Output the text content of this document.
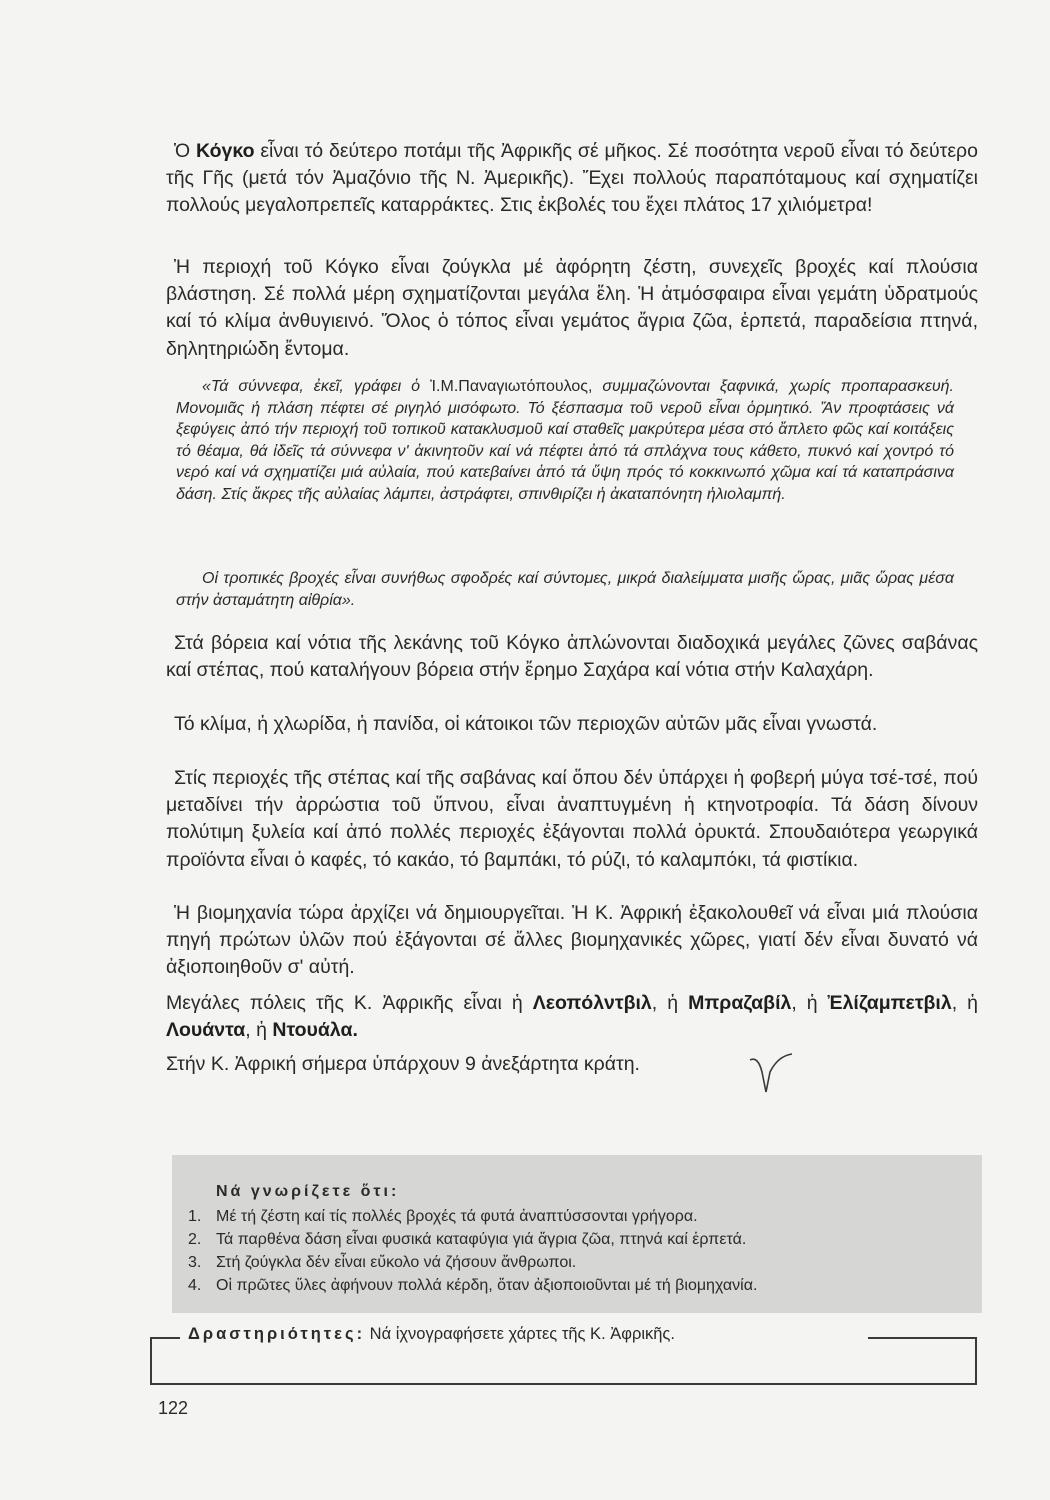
Ὁ Κόγκο εἶναι τό δεύτερο ποτάμι τῆς Ἀφρικῆς σέ μῆκος. Σέ ποσότητα νεροῦ εἶναι τό δεύτερο τῆς Γῆς (μετά τόν Ἀμαζόνιο τῆς Ν. Ἀμερικῆς). Ἔχει πολλούς παραπόταμους καί σχηματίζει πολλούς μεγαλοπρεπεῖς καταρράκτες. Στις ἐκβολές του ἔχει πλάτος 17 χιλιόμετρα!

Ἡ περιοχή τοῦ Κόγκο εἶναι ζούγκλα μέ ἀφόρητη ζέστη, συνεχεῖς βροχές καί πλούσια βλάστηση. Σέ πολλά μέρη σχηματίζονται μεγάλα ἕλη. Ἡ ἀτμόσφαιρα εἶναι γεμάτη ὑδρατμούς καί τό κλίμα ἀνθυγιεινό. Ὅλος ὁ τόπος εἶναι γεμάτος ἄγρια ζῶα, ἑρπετά, παραδείσια πτηνά, δηλητηριώδη ἔντομα.

«Τά σύννεφα, ἐκεῖ, γράφει ὁ Ἰ.Μ.Παναγιωτόπουλος, συμμαζώνονται ξαφνικά, χωρίς προπαρασκευή. Μονομιᾶς ἡ πλάση πέφτει σέ ριγηλό μισόφωτο. Τό ξέσπασμα τοῦ νεροῦ εἶναι ὁρμητικό. Ἄν προφτάσεις νά ξεφύγεις ἀπό τήν περιοχή τοῦ τοπικοῦ κατακλυσμοῦ καί σταθεῖς μακρύτερα μέσα στό ἄπλετο φῶς καί κοιτάξεις τό θέαμα, θά ἰδεῖς τά σύννεφα ν' ἀκινητοῦν καί νά πέφτει ἀπό τά σπλάχνα τους κάθετο, πυκνό καί χοντρό τό νερό καί νά σχηματίζει μιά αὐλαία, πού κατεβαίνει ἀπό τά ὕψη πρός τό κοκκινωπό χῶμα καί τά καταπράσινα δάση. Στίς ἄκρες τῆς αὐλαίας λάμπει, ἀστράφτει, σπινθιρίζει ἡ ἀκαταπόνητη ἡλιολαμπή.

Οἱ τροπικές βροχές εἶναι συνήθως σφοδρές καί σύντομες, μικρά διαλείμματα μισῆς ὥρας, μιᾶς ὥρας μέσα στήν ἀσταμάτητη αἰθρία».

Στά βόρεια καί νότια τῆς λεκάνης τοῦ Κόγκο ἁπλώνονται διαδοχικά μεγάλες ζῶνες σαβάνας καί στέπας, πού καταλήγουν βόρεια στήν ἔρημο Σαχάρα καί νότια στήν Καλαχάρη.

Τό κλίμα, ἡ χλωρίδα, ἡ πανίδα, οἱ κάτοικοι τῶν περιοχῶν αὐτῶν μᾶς εἶναι γνωστά.

Στίς περιοχές τῆς στέπας καί τῆς σαβάνας καί ὅπου δέν ὑπάρχει ἡ φοβερή μύγα τσέ-τσέ, πού μεταδίνει τήν ἀρρώστια τοῦ ὕπνου, εἶναι ἀναπτυγμένη ἡ κτηνοτροφία. Τά δάση δίνουν πολύτιμη ξυλεία καί ἀπό πολλές περιοχές ἐξάγονται πολλά ὀρυκτά. Σπουδαιότερα γεωργικά προϊόντα εἶναι ὁ καφές, τό κακάο, τό βαμπάκι, τό ρύζι, τό καλαμπόκι, τά φιστίκια.

Ἡ βιομηχανία τώρα ἀρχίζει νά δημιουργεῖται. Ἡ Κ. Ἀφρική ἐξακολουθεῖ νά εἶναι μιά πλούσια πηγή πρώτων ὑλῶν πού ἐξάγονται σέ ἄλλες βιομηχανικές χῶρες, γιατί δέν εἶναι δυνατό νά ἀξιοποιηθοῦν σ' αὐτή.

Μεγάλες πόλεις τῆς Κ. Ἀφρικῆς εἶναι ἡ Λεοπόλντβιλ, ἡ Μπραζαβίλ, ἡ Ἐλίζαμπετβιλ, ἡ Λουάντα, ἡ Ντουάλα.

Στήν Κ. Ἀφρική σήμερα ὑπάρχουν 9 ἀνεξάρτητα κράτη.

Νά γνωρίζετε ὅτι:
1. Μέ τή ζέστη καί τίς πολλές βροχές τά φυτά ἀναπτύσσονται γρήγορα.
2. Τά παρθένα δάση εἶναι φυσικά καταφύγια γιά ἄγρια ζῶα, πτηνά καί ἑρπετά.
3. Στή ζούγκλα δέν εἶναι εὔκολο νά ζήσουν ἄνθρωποι.
4. Οἱ πρῶτες ὕλες ἀφήνουν πολλά κέρδη, ὅταν ἀξιοποιοῦνται μέ τή βιομηχανία.
Δραστηριότητες: Νά ἰχνογραφήσετε χάρτες τῆς Κ. Ἀφρικῆς.
122
